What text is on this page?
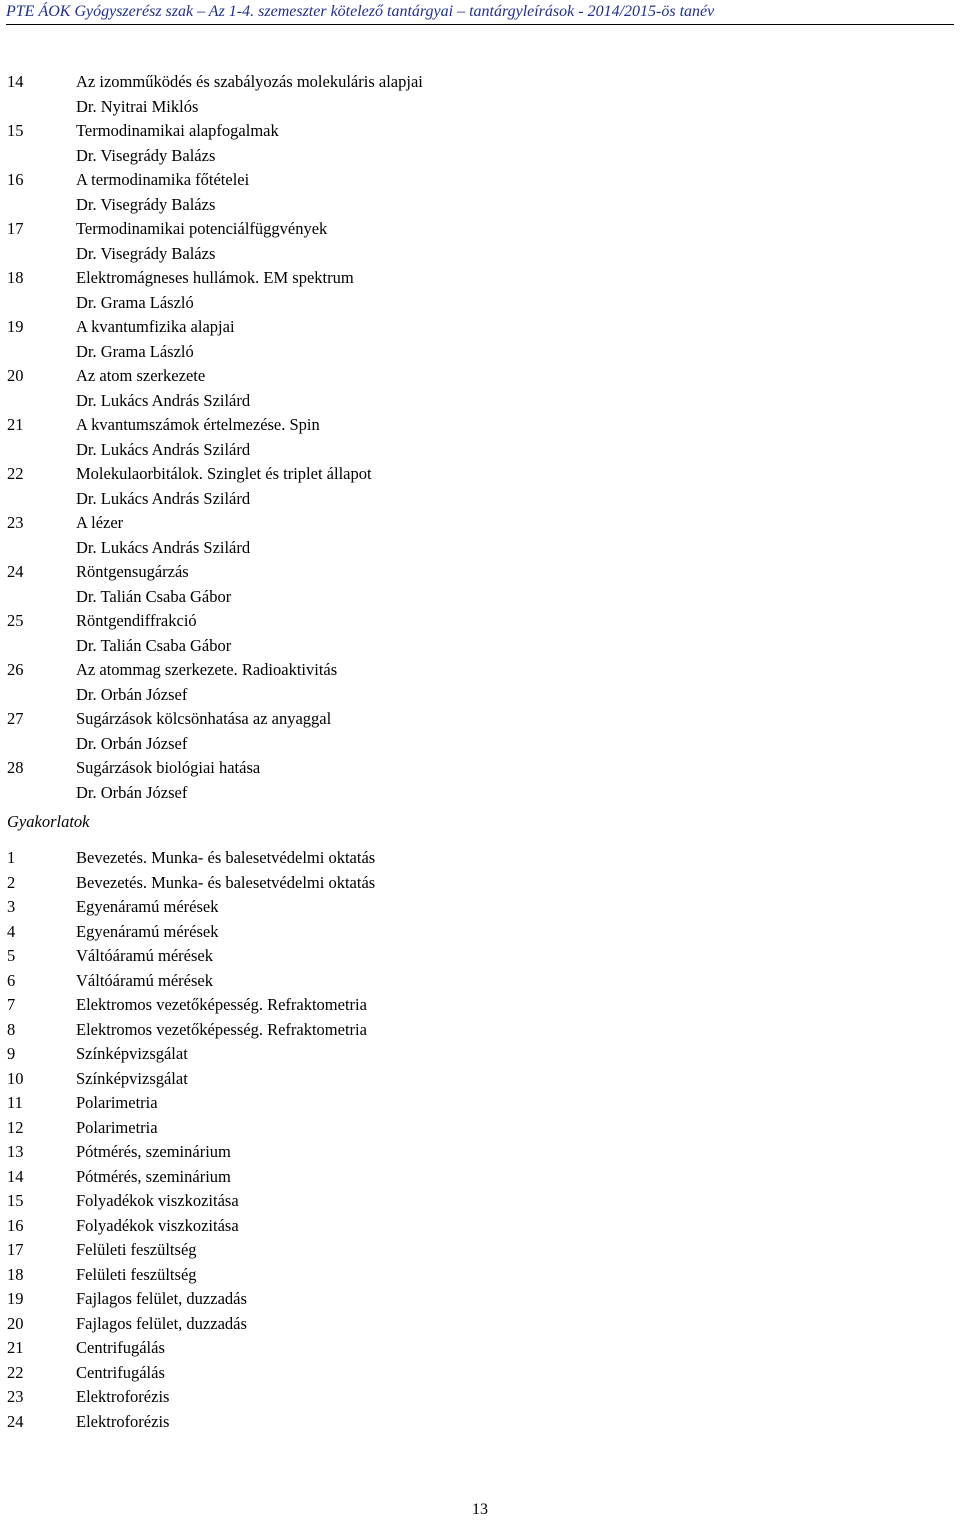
PTE ÁOK Gyógyszerész szak – Az 1-4. szemeszter kötelező tantárgyai – tantárgyleírások - 2014/2015-ös tanév
14	Az izomműködés és szabályozás molekuláris alapjai
Dr. Nyitrai Miklós
15	Termodinamikai alapfogalmak
Dr. Visegrády Balázs
16	A termodinamika főtételei
Dr. Visegrády Balázs
17	Termodinamikai potenciálfüggvények
Dr. Visegrády Balázs
18	Elektromágneses hullámok. EM spektrum
Dr. Grama László
19	A kvantumfizika alapjai
Dr. Grama László
20	Az atom szerkezete
Dr. Lukács András Szilárd
21	A kvantumszámok értelmezése. Spin
Dr. Lukács András Szilárd
22	Molekulaorbitálok. Szinglet és triplet állapot
Dr. Lukács András Szilárd
23	A lézer
Dr. Lukács András Szilárd
24	Röntgensugárzás
Dr. Talián Csaba Gábor
25	Röntgendiffrakció
Dr. Talián Csaba Gábor
26	Az atommag szerkezete. Radioaktivitás
Dr. Orbán József
27	Sugárzások kölcsönhatása az anyaggal
Dr. Orbán József
28	Sugárzások biológiai hatása
Dr. Orbán József
Gyakorlatok
1	Bevezetés. Munka- és balesetvédelmi oktatás
2	Bevezetés. Munka- és balesetvédelmi oktatás
3	Egyenáramú mérések
4	Egyenáramú mérések
5	Váltóáramú mérések
6	Váltóáramú mérések
7	Elektromos vezetőképesség. Refraktometria
8	Elektromos vezetőképesség. Refraktometria
9	Színképvizsgálat
10	Színképvizsgálat
11	Polarimetria
12	Polarimetria
13	Pótmérés, szeminárium
14	Pótmérés, szeminárium
15	Folyadékok viszkozitása
16	Folyadékok viszkozitása
17	Felületi feszültség
18	Felületi feszültség
19	Fajlagos felület, duzzadás
20	Fajlagos felület, duzzadás
21	Centrifugálás
22	Centrifugálás
23	Elektroforézis
24	Elektroforézis
13
